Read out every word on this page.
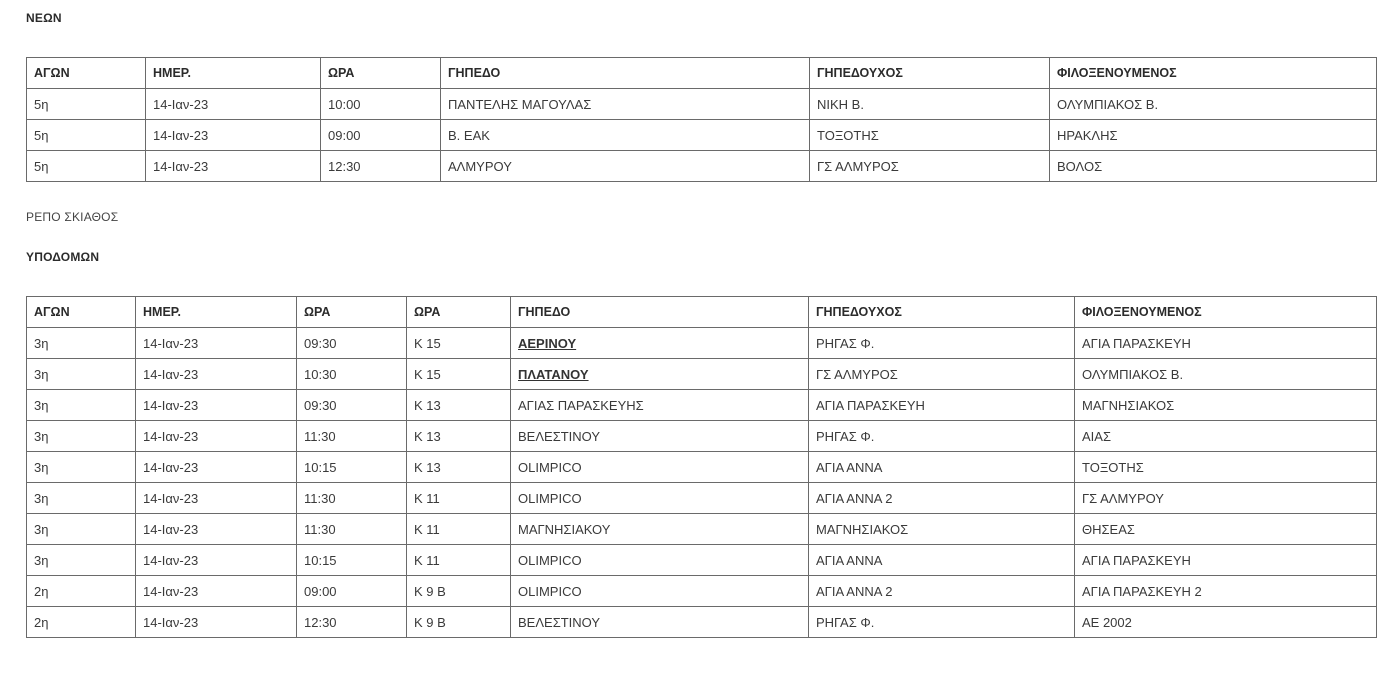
ΝΕΩΝ
ΑΓΩΝ	ΗΜΕΡ.	ΩΡΑ	ΓΗΠΕΔΟ	ΓΗΠΕΔΟΥΧΟΣ	ΦΙΛΟΞΕΝΟΥΜΕΝΟΣ
5η	14-Ιαν-23	10:00	ΠΑΝΤΕΛΗΣ ΜΑΓΟΥΛΑΣ	ΝΙΚΗ Β.	ΟΛΥΜΠΙΑΚΟΣ Β.
5η	14-Ιαν-23	09:00	Β. ΕΑΚ	ΤΟΞΟΤΗΣ	ΗΡΑΚΛΗΣ
5η	14-Ιαν-23	12:30	ΑΛΜΥΡΟΥ	ΓΣ ΑΛΜΥΡΟΣ	ΒΟΛΟΣ
ΡΕΠΟ ΣΚΙΑΘΟΣ
ΥΠΟΔΟΜΩΝ
ΑΓΩΝ	ΗΜΕΡ.	ΩΡΑ	ΩΡΑ	ΓΗΠΕΔΟ	ΓΗΠΕΔΟΥΧΟΣ	ΦΙΛΟΞΕΝΟΥΜΕΝΟΣ
3η	14-Ιαν-23	09:30	Κ 15	ΑΕΡΙΝΟΥ	ΡΗΓΑΣ Φ.	ΑΓΙΑ ΠΑΡΑΣΚΕΥΗ
3η	14-Ιαν-23	10:30	Κ 15	ΠΛΑΤΑΝΟΥ	ΓΣ ΑΛΜΥΡΟΣ	ΟΛΥΜΠΙΑΚΟΣ Β.
3η	14-Ιαν-23	09:30	Κ 13	ΑΓΙΑΣ ΠΑΡΑΣΚΕΥΗΣ	ΑΓΙΑ ΠΑΡΑΣΚΕΥΗ	ΜΑΓΝΗΣΙΑΚΟΣ
3η	14-Ιαν-23	11:30	Κ 13	ΒΕΛΕΣΤΙΝΟΥ	ΡΗΓΑΣ Φ.	ΑΙΑΣ
3η	14-Ιαν-23	10:15	Κ 13	OLIMPICO	ΑΓΙΑ ΑΝΝΑ	ΤΟΞΟΤΗΣ
3η	14-Ιαν-23	11:30	Κ 11	OLIMPICO	ΑΓΙΑ ΑΝΝΑ 2	ΓΣ ΑΛΜΥΡΟΥ
3η	14-Ιαν-23	11:30	Κ 11	ΜΑΓΝΗΣΙΑΚΟΥ	ΜΑΓΝΗΣΙΑΚΟΣ	ΘΗΣΕΑΣ
3η	14-Ιαν-23	10:15	Κ 11	OLIMPICO	ΑΓΙΑ ΑΝΝΑ	ΑΓΙΑ ΠΑΡΑΣΚΕΥΗ
2η	14-Ιαν-23	09:00	Κ 9 Β	OLIMPICO	ΑΓΙΑ ΑΝΝΑ 2	ΑΓΙΑ ΠΑΡΑΣΚΕΥΗ 2
2η	14-Ιαν-23	12:30	Κ 9 Β	ΒΕΛΕΣΤΙΝΟΥ	ΡΗΓΑΣ Φ.	ΑΕ 2002
